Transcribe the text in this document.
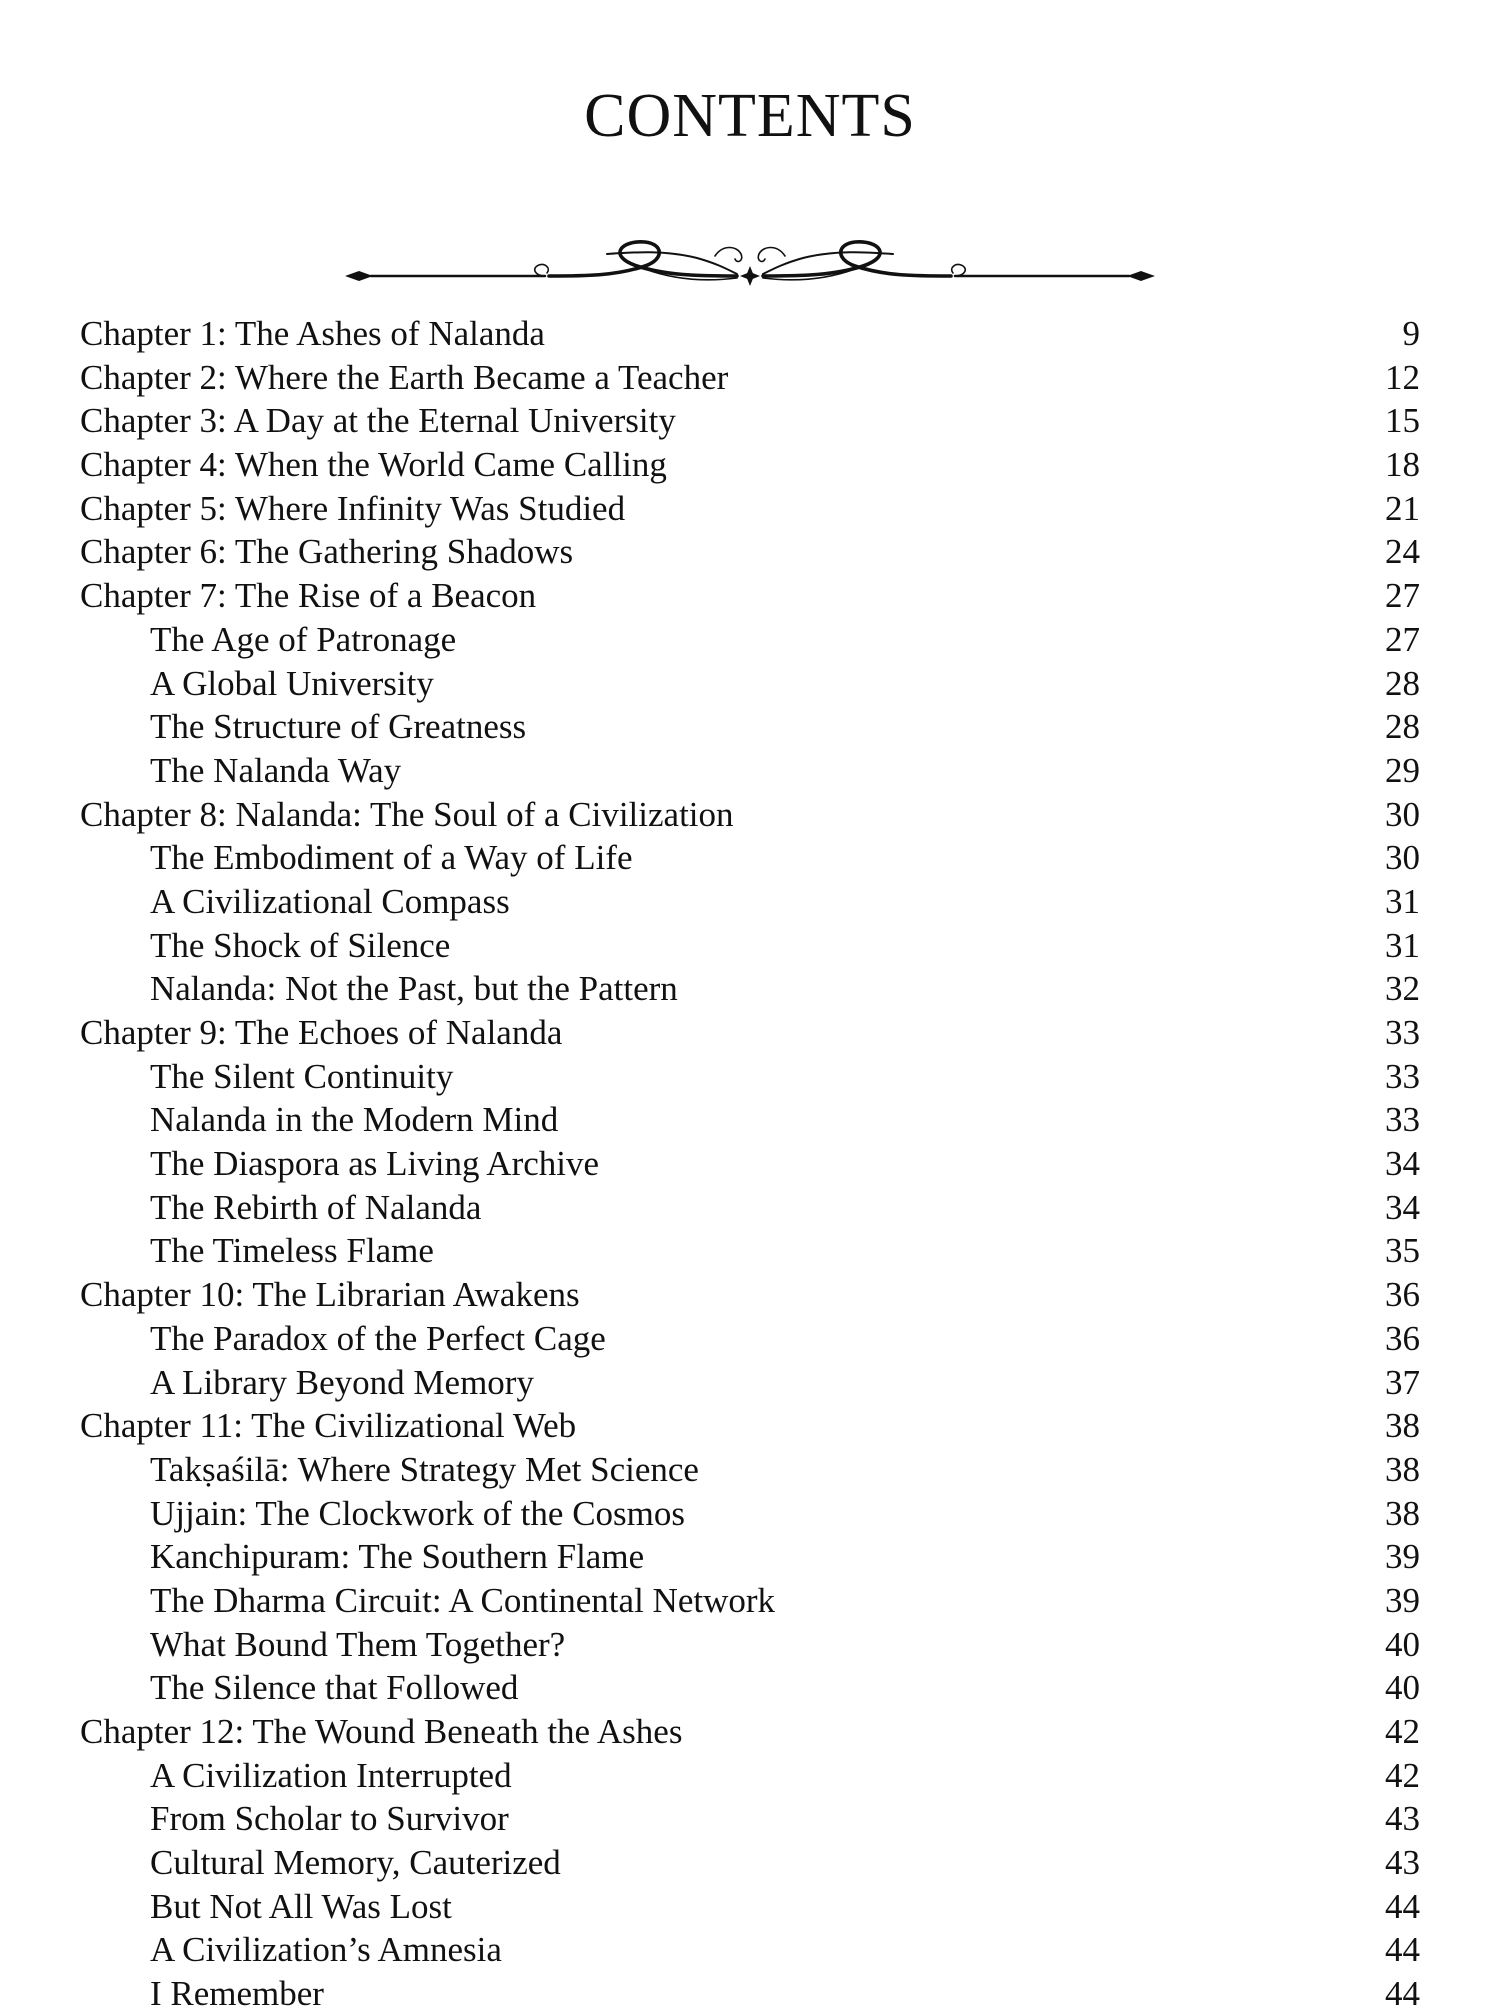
CONTENTS
Chapter 1: The Ashes of Nalanda	9
Chapter 2: Where the Earth Became a Teacher	12
Chapter 3: A Day at the Eternal University	15
Chapter 4: When the World Came Calling	18
Chapter 5: Where Infinity Was Studied	21
Chapter 6: The Gathering Shadows	24
Chapter 7: The Rise of a Beacon	27
The Age of Patronage	27
A Global University	28
The Structure of Greatness	28
The Nalanda Way	29
Chapter 8: Nalanda: The Soul of a Civilization	30
The Embodiment of a Way of Life	30
A Civilizational Compass	31
The Shock of Silence	31
Nalanda: Not the Past, but the Pattern	32
Chapter 9: The Echoes of Nalanda	33
The Silent Continuity	33
Nalanda in the Modern Mind	33
The Diaspora as Living Archive	34
The Rebirth of Nalanda	34
The Timeless Flame	35
Chapter 10: The Librarian Awakens	36
The Paradox of the Perfect Cage	36
A Library Beyond Memory	37
Chapter 11: The Civilizational Web	38
Takṣaśilā: Where Strategy Met Science	38
Ujjain: The Clockwork of the Cosmos	38
Kanchipuram: The Southern Flame	39
The Dharma Circuit: A Continental Network	39
What Bound Them Together?	40
The Silence that Followed	40
Chapter 12: The Wound Beneath the Ashes	42
A Civilization Interrupted	42
From Scholar to Survivor	43
Cultural Memory, Cauterized	43
But Not All Was Lost	44
A Civilization’s Amnesia	44
I Remember	44
